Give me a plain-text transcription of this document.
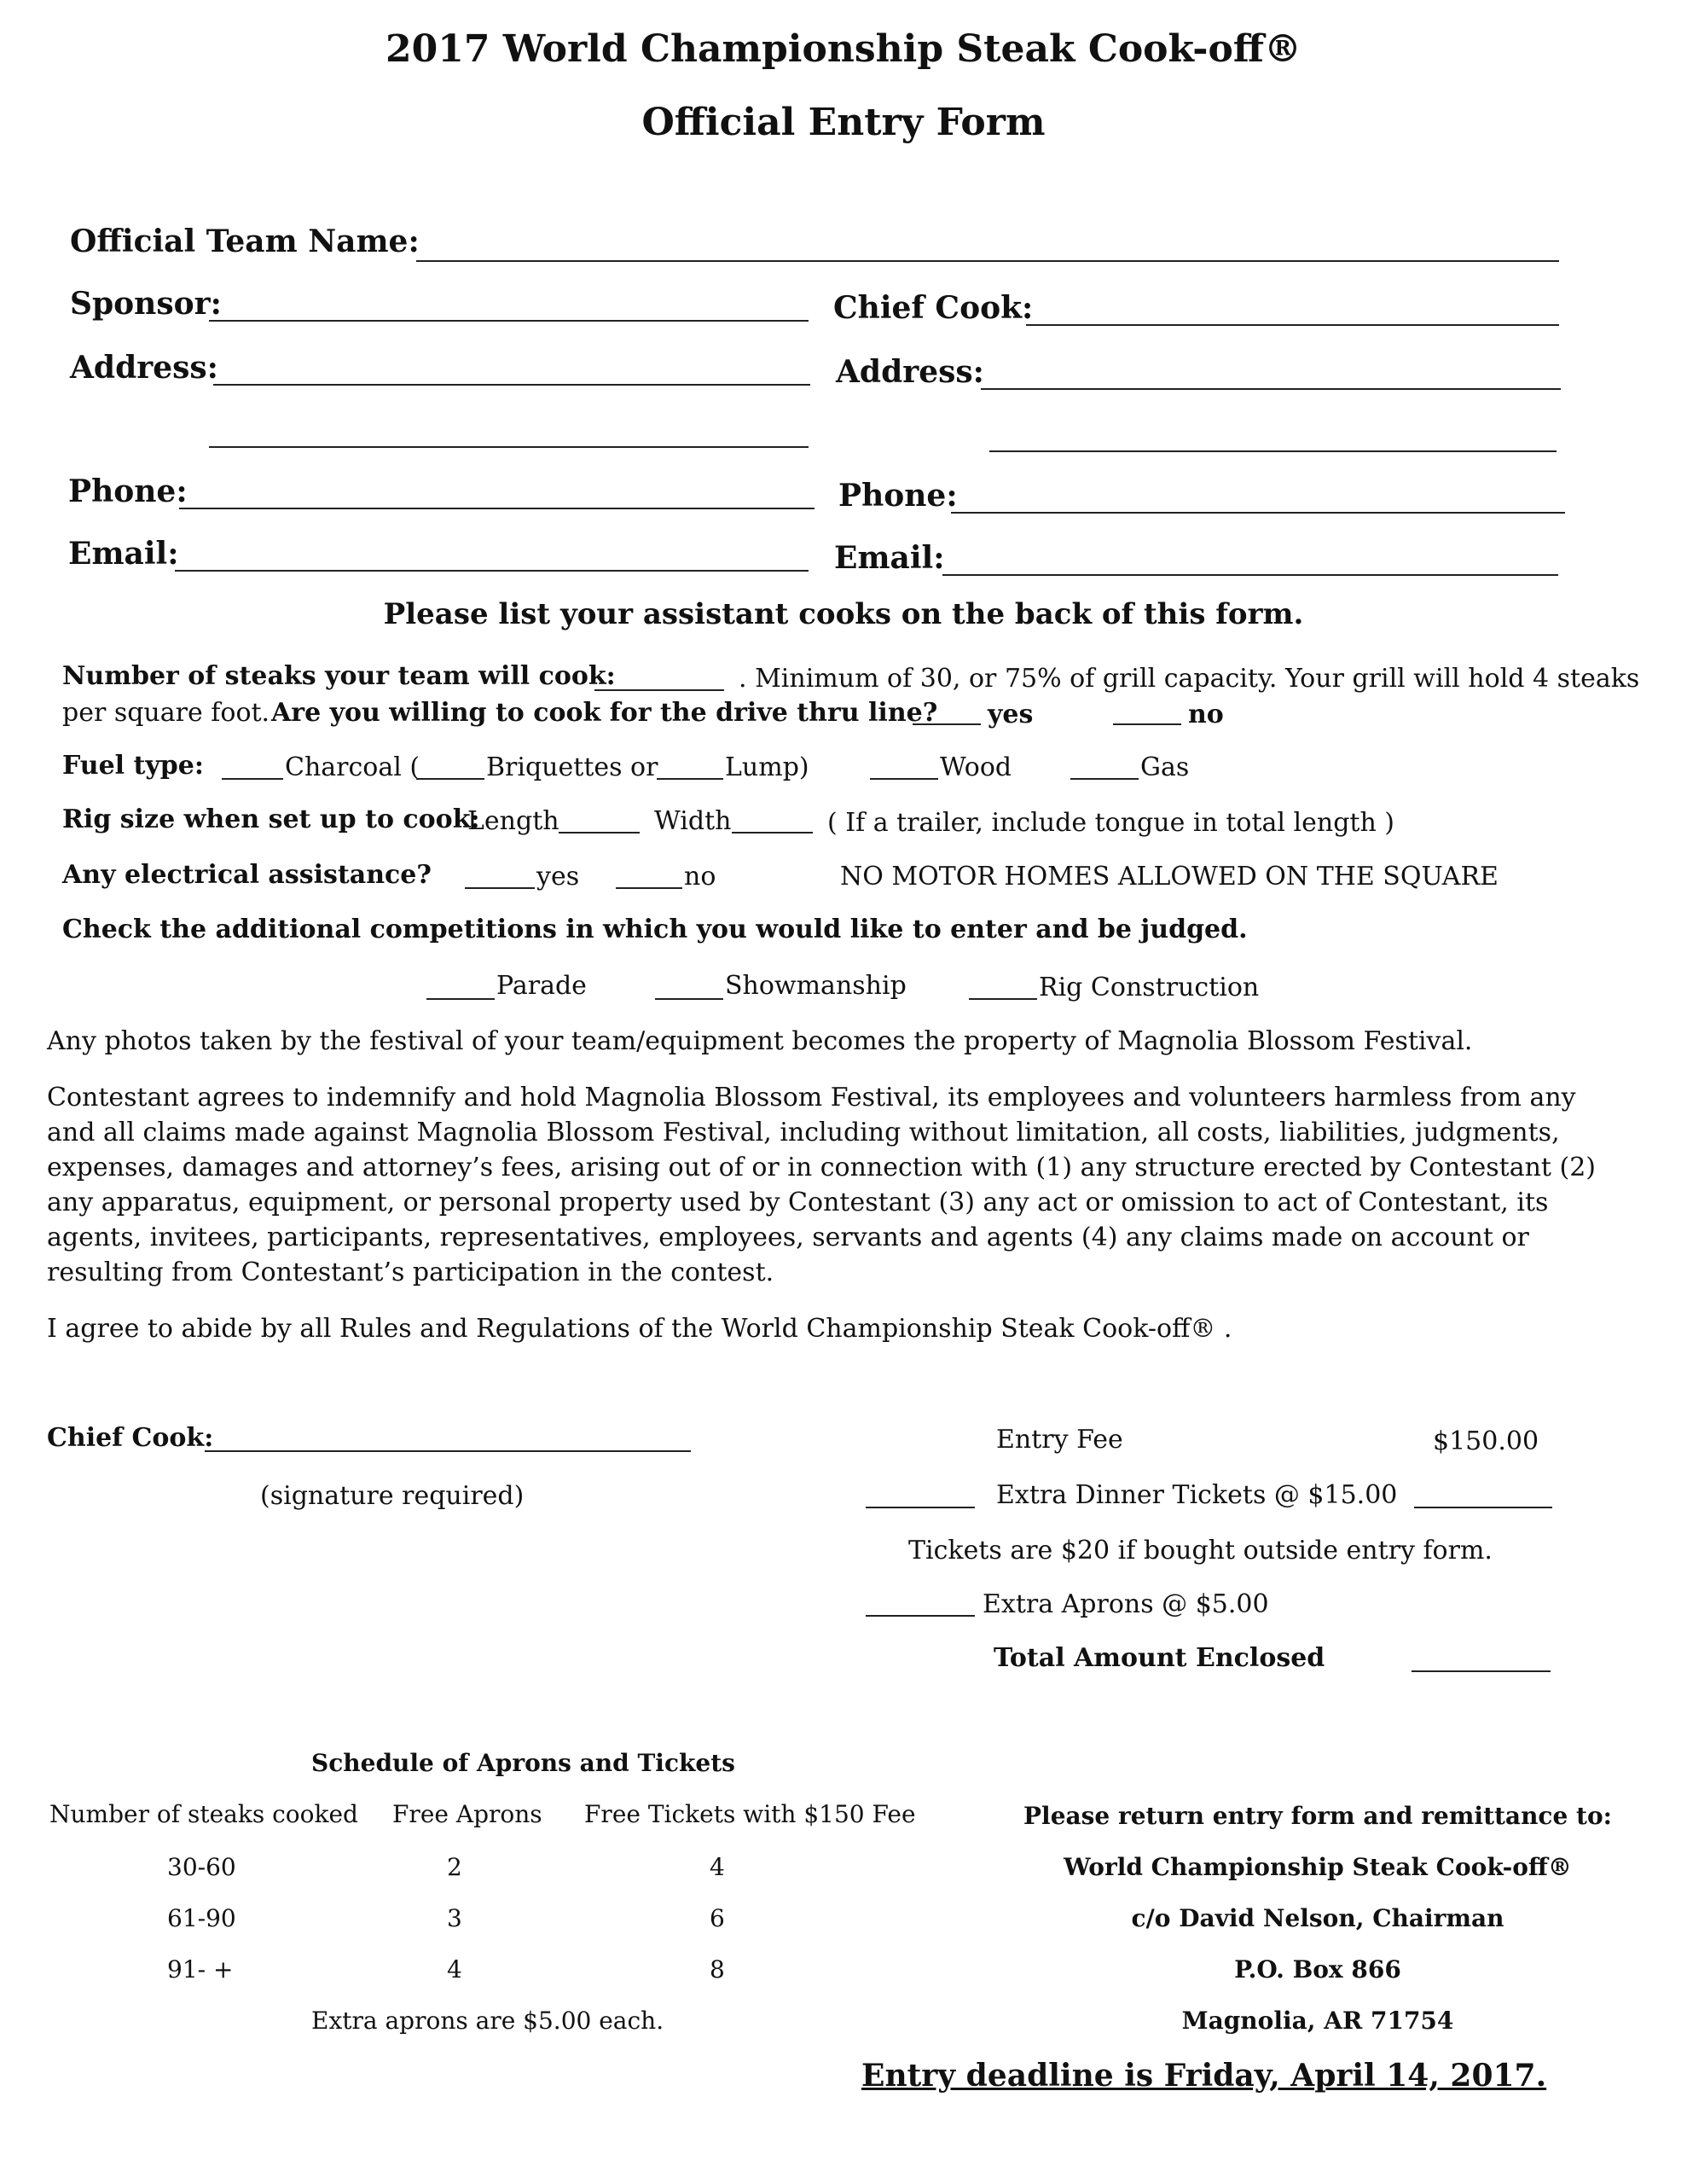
2017 World Championship Steak Cook-off®
Official Entry Form
Official Team Name:
Sponsor:	Chief Cook:
Address:	Address:
Phone:	Phone:
Email:	Email:
Please list your assistant cooks on the back of this form.
Number of steaks your team will cook:	. Minimum of 30, or 75% of grill capacity. Your grill will hold 4 steaks
per square foot. Are you willing to cook for the drive thru line? yes	no
Fuel type:	Charcoal (	Briquettes or	Lump)	Wood	Gas
Rig size when set up to cook:
Length	Width	( If a trailer, include tongue in total length )
Any electrical assistance?	yes	no	NO MOTOR HOMES ALLOWED ON THE SQUARE
Check the additional competitions in which you would like to enter and be judged.
Parade	Showmanship	Rig Construction
Any photos taken by the festival of your team/equipment becomes the property of Magnolia Blossom Festival.
Contestant agrees to indemnify and hold Magnolia Blossom Festival, its employees and volunteers harmless from any and all claims made against Magnolia Blossom Festival, including without limitation, all costs, liabilities, judgments, expenses, damages and attorney’s fees, arising out of or in connection with (1) any structure erected by Contestant (2) any apparatus, equipment, or personal property used by Contestant (3) any act or omission to act of Contestant, its agents, invitees, participants, representatives, employees, servants and agents (4) any claims made on account or resulting from Contestant’s participation in the contest.
I agree to abide by all Rules and Regulations of the World Championship Steak Cook-off® .
Chief Cook:
(signature required)
Entry Fee	$150.00
Extra Dinner Tickets @ $15.00
Tickets are $20 if bought outside entry form.
Extra Aprons @ $5.00
Total Amount Enclosed
Schedule of Aprons and Tickets
Number of steaks cooked Free Aprons Free Tickets with $150 Fee
30-60	2	4
61-90	3	6
91- +	4	8
Extra aprons are $5.00 each.
Please return entry form and remittance to:
World Championship Steak Cook-off®
c/o David Nelson, Chairman
P.O. Box 866
Magnolia, AR 71754
Entry deadline is Friday, April 14, 2017.
